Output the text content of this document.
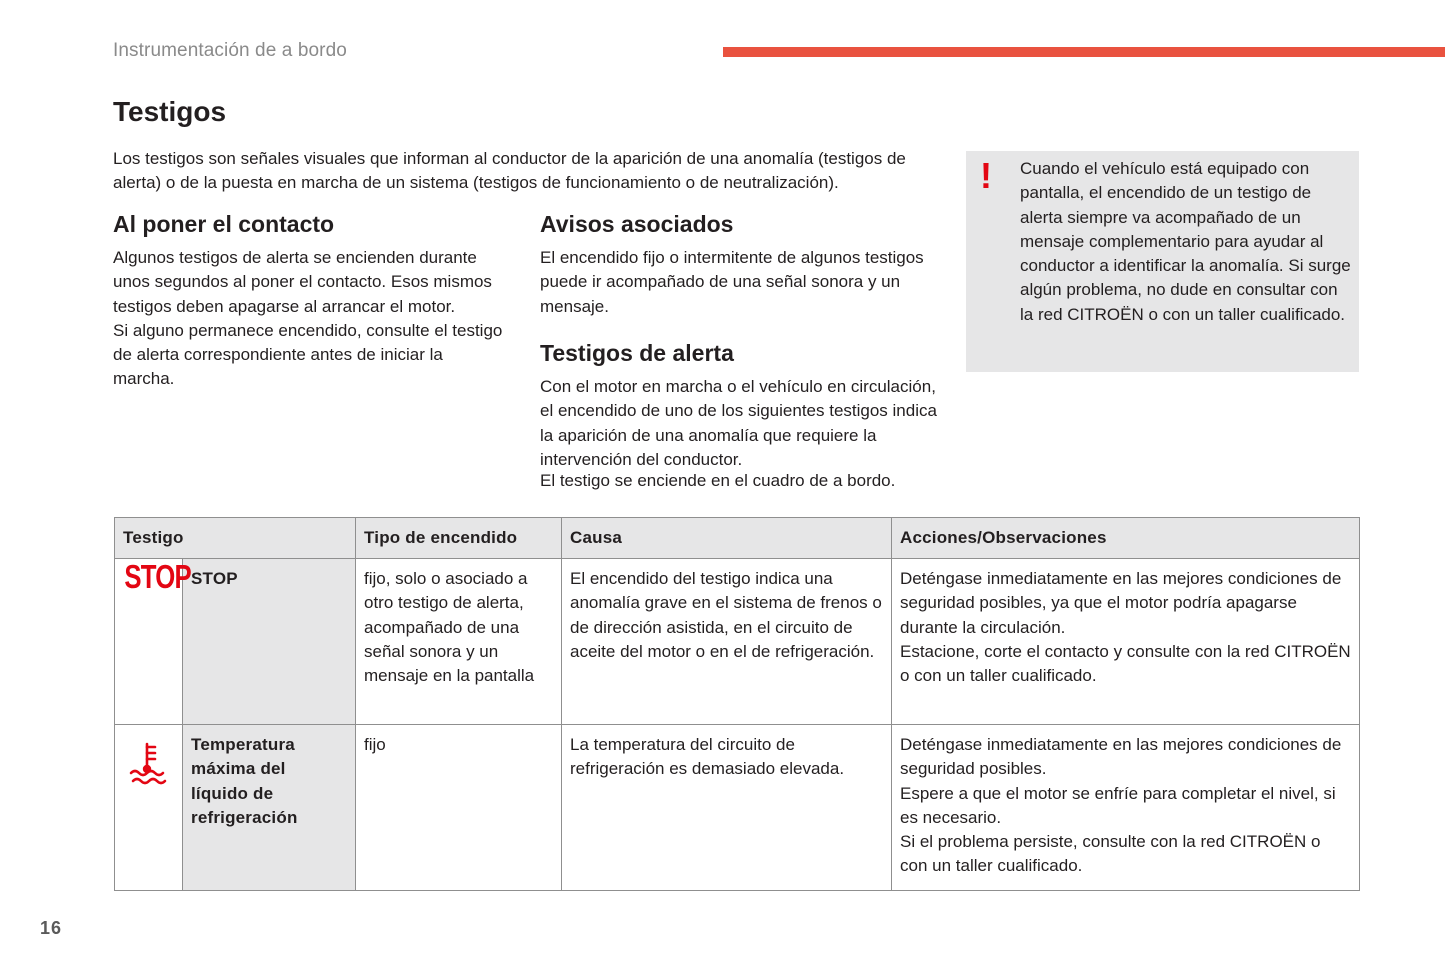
Instrumentación de a bordo
Testigos
Los testigos son señales visuales que informan al conductor de la aparición de una anomalía (testigos de alerta) o de la puesta en marcha de un sistema (testigos de funcionamiento o de neutralización).
Al poner el contacto
Algunos testigos de alerta se encienden durante unos segundos al poner el contacto. Esos mismos testigos deben apagarse al arrancar el motor.
Si alguno permanece encendido, consulte el testigo de alerta correspondiente antes de iniciar la marcha.
Avisos asociados
El encendido fijo o intermitente de algunos testigos puede ir acompañado de una señal sonora y un mensaje.
Testigos de alerta
Con el motor en marcha o el vehículo en circulación, el encendido de uno de los siguientes testigos indica la aparición de una anomalía que requiere la intervención del conductor.
El testigo se enciende en el cuadro de a bordo.
! Cuando el vehículo está equipado con pantalla, el encendido de un testigo de alerta siempre va acompañado de un mensaje complementario para ayudar al conductor a identificar la anomalía. Si surge algún problema, no dude en consultar con la red CITROËN o con un taller cualificado.
Testigo		Tipo de encendido	Causa	Acciones/Observaciones
STOP	STOP	fijo, solo o asociado a otro testigo de alerta, acompañado de una señal sonora y un mensaje en la pantalla	El encendido del testigo indica una anomalía grave en el sistema de frenos o de dirección asistida, en el circuito de aceite del motor o en el de refrigeración.	Deténgase inmediatamente en las mejores condiciones de seguridad posibles, ya que el motor podría apagarse durante la circulación.
Estacione, corte el contacto y consulte con la red CITROËN o con un taller cualificado.

	Temperatura máxima del líquido de refrigeración	fijo	La temperatura del circuito de refrigeración es demasiado elevada.	Deténgase inmediatamente en las mejores condiciones de seguridad posibles.
Espere a que el motor se enfríe para completar el nivel, si es necesario.
Si el problema persiste, consulte con la red CITROËN o con un taller cualificado.
16
